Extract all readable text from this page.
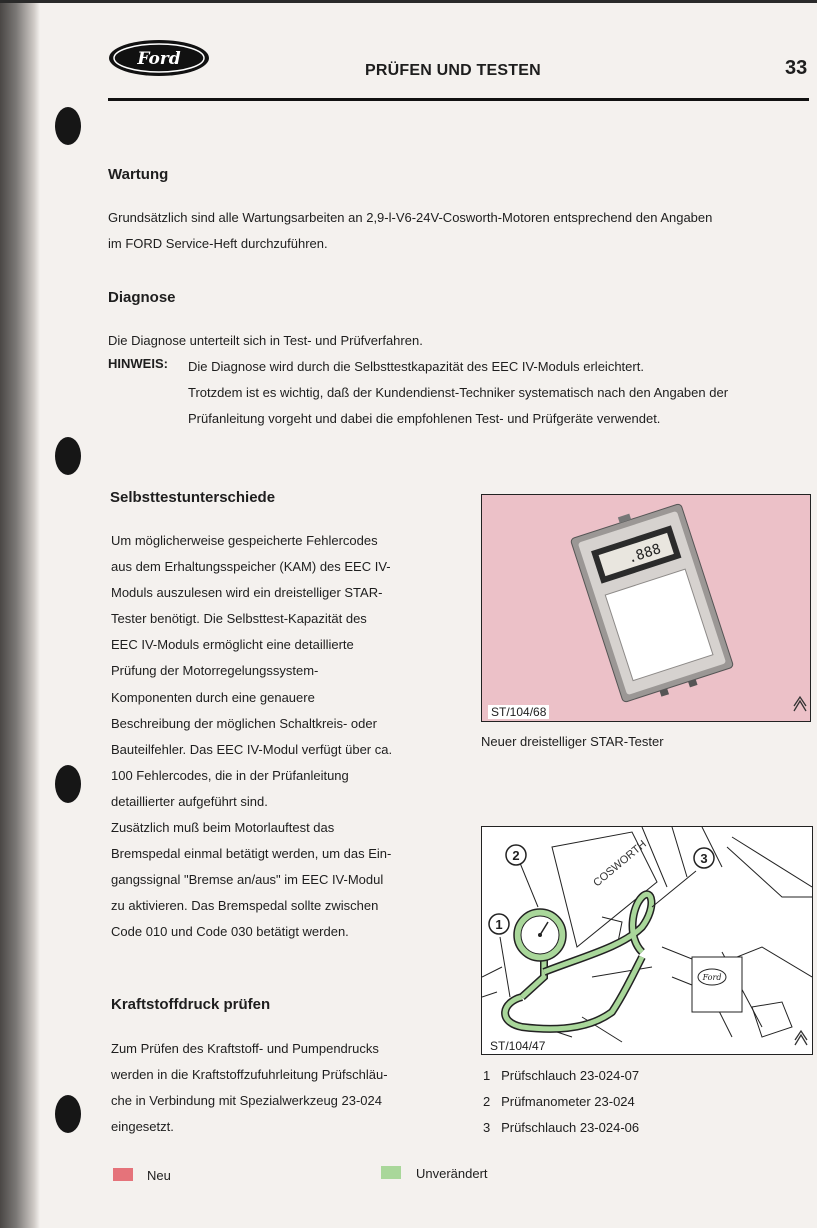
Ford
PRÜFEN UND TESTEN	33
Wartung
Grundsätzlich sind alle Wartungsarbeiten an 2,9-l-V6-24V-Cosworth-Motoren entsprechend den Angaben
im FORD Service-Heft durchzuführen.
Diagnose
Die Diagnose unterteilt sich in Test- und Prüfverfahren.
HINWEIS: Die Diagnose wird durch die Selbsttestkapazität des EEC IV-Moduls erleichtert.
Trotzdem ist es wichtig, daß der Kundendienst-Techniker systematisch nach den Angaben der
Prüfanleitung vorgeht und dabei die empfohlenen Test- und Prüfgeräte verwendet.
Selbsttestunterschiede
Um möglicherweise gespeicherte Fehlercodes
aus dem Erhaltungsspeicher (KAM) des EEC IV-
Moduls auszulesen wird ein dreistelliger STAR-
Tester benötigt. Die Selbsttest-Kapazität des
EEC IV-Moduls ermöglicht eine detaillierte
Prüfung der Motorregelungssystem-
Komponenten durch eine genauere
Beschreibung der möglichen Schaltkreis- oder
Bauteilfehler. Das EEC IV-Modul verfügt über ca.
100 Fehlercodes, die in der Prüfanleitung
detaillierter aufgeführt sind.
Zusätzlich muß beim Motorlauftest das
Bremspedal einmal betätigt werden, um das Ein-
gangssignal "Bremse an/aus" im EEC IV-Modul
zu aktivieren. Das Bremspedal sollte zwischen
Code 010 und Code 030 betätigt werden.
Kraftstoffdruck prüfen
Zum Prüfen des Kraftstoff- und Pumpendrucks
werden in die Kraftstoffzufuhrleitung Prüfschläu-
che in Verbindung mit Spezialwerkzeug 23-024
eingesetzt.
.888
ST/104/68
Neuer dreistelliger STAR-Tester
COSWORTH
Ford
2	3
1
ST/104/47
1 Prüfschlauch 23-024-07
2 Prüfmanometer 23-024
3 Prüfschlauch 23-024-06
Neu	Unverändert
